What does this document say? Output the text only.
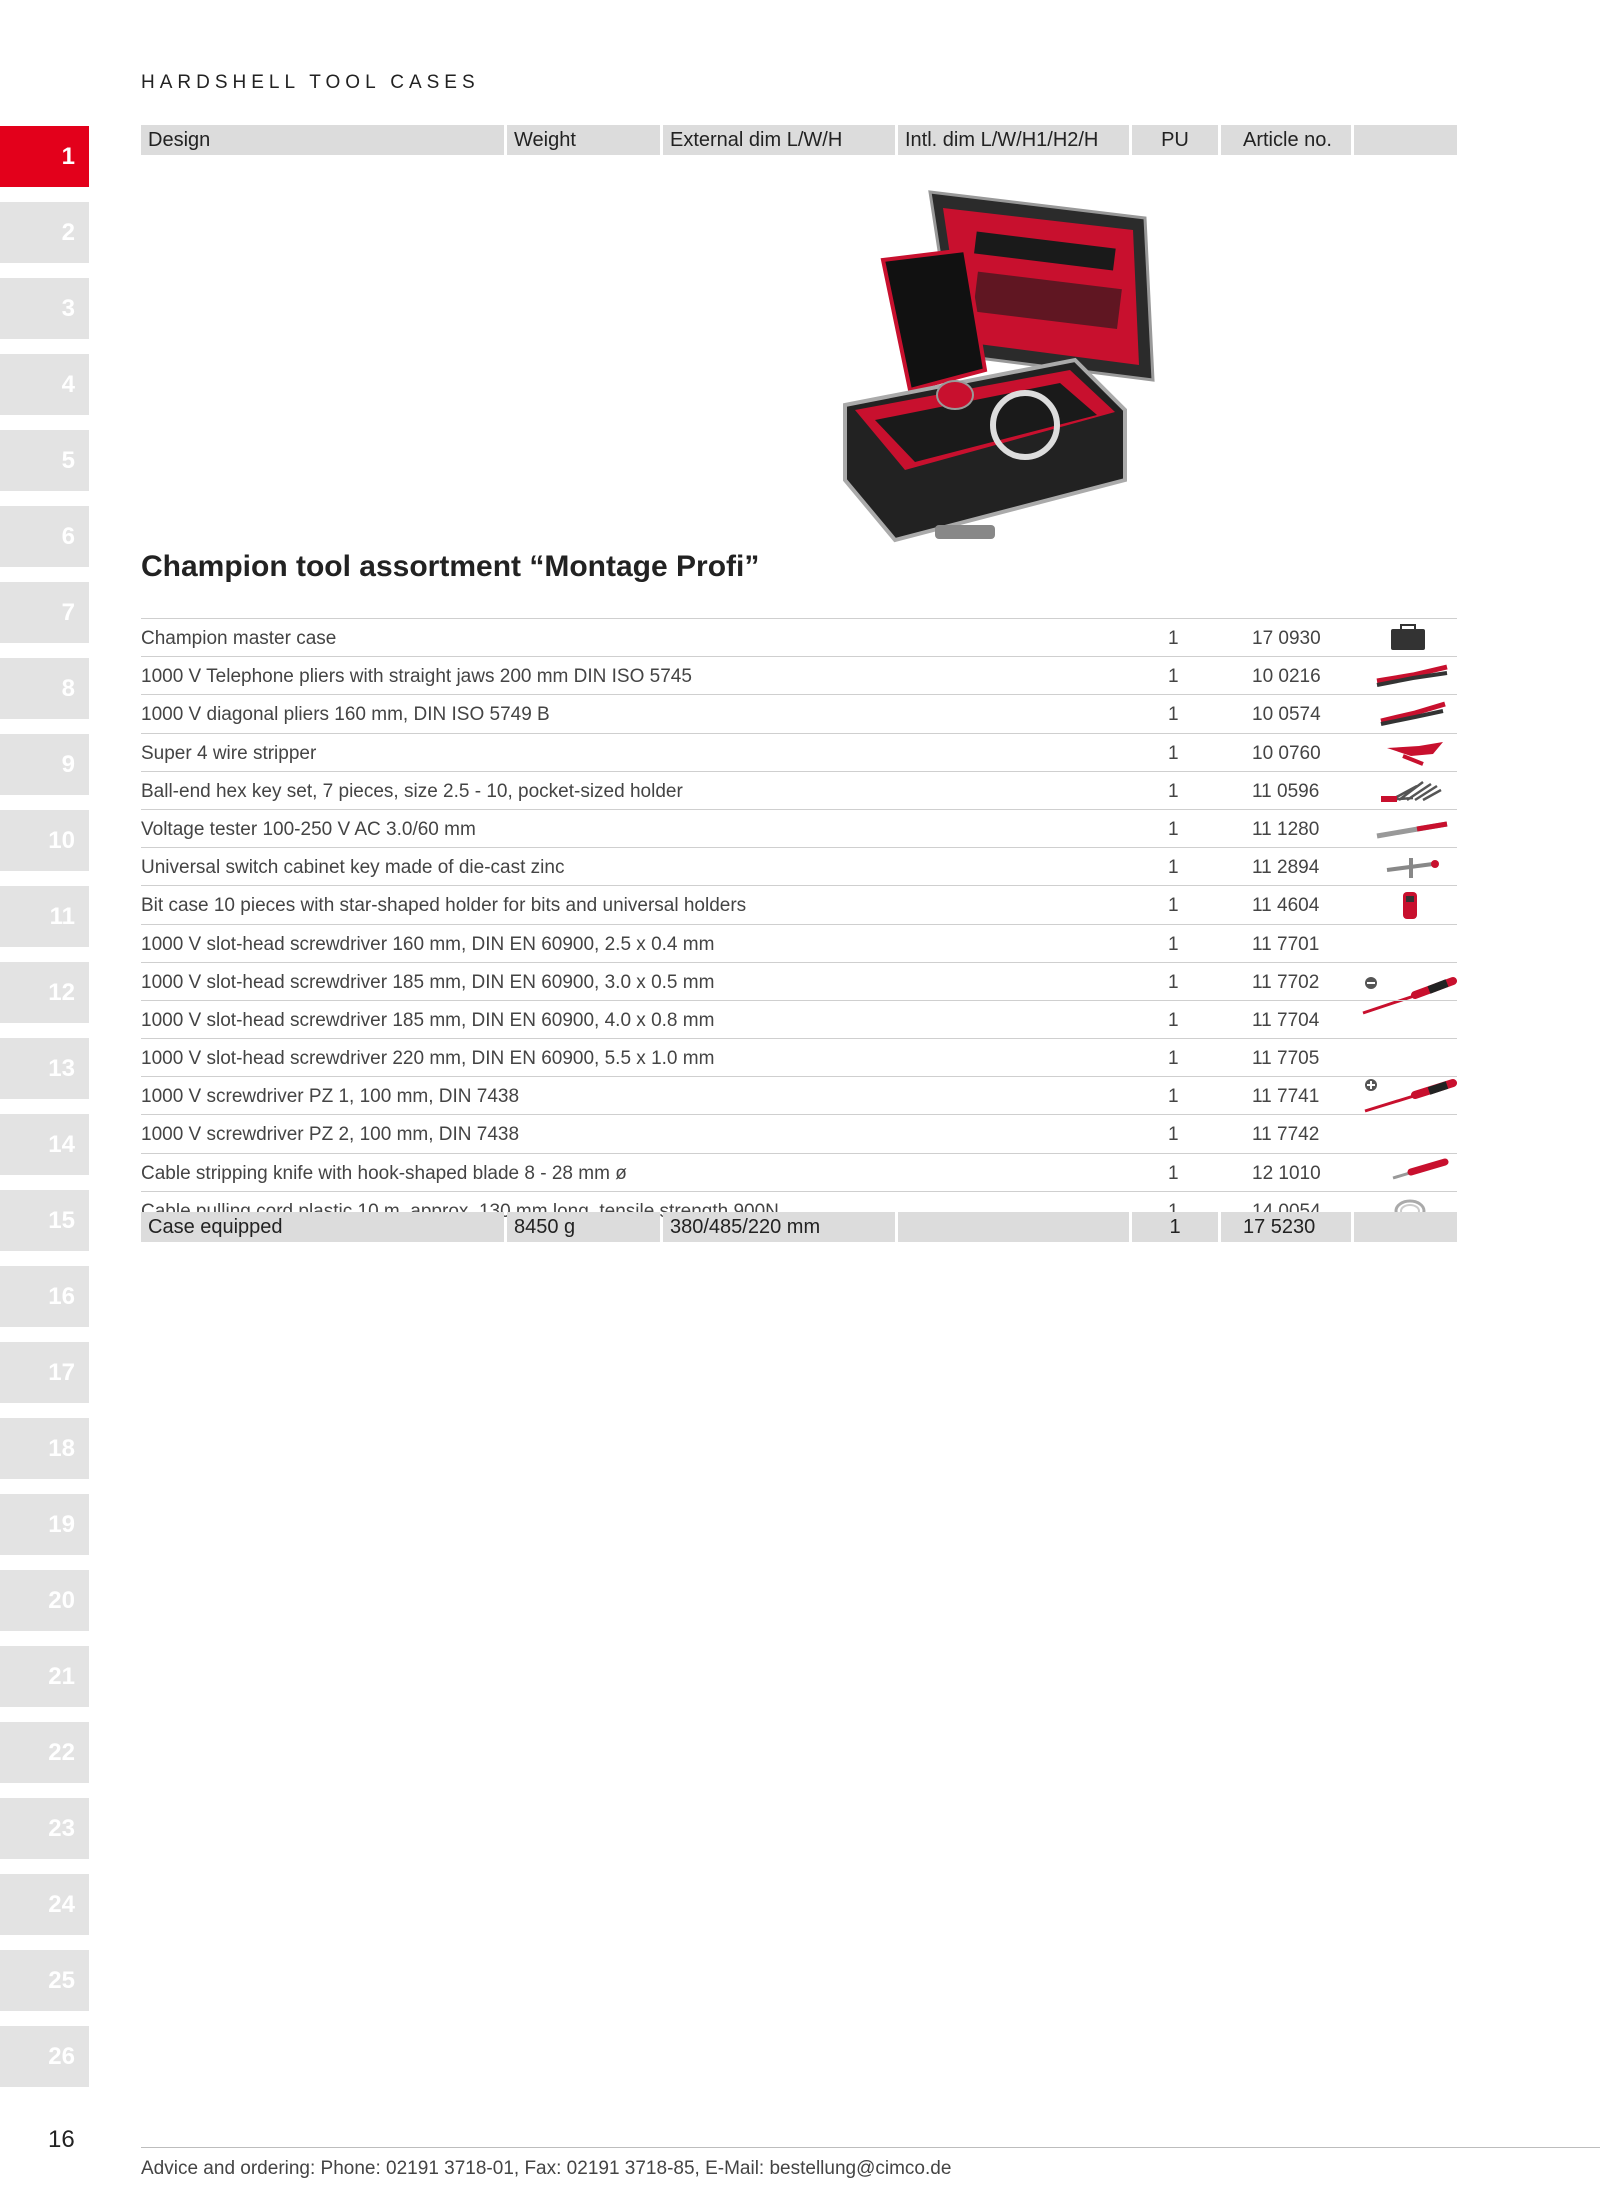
HARDSHELL TOOL CASES
1
2
3
4
5
6
7
8
9
10
11
12
13
14
15
16
17
18
19
20
21
22
23
24
25
26
Design	Weight	External dim L/W/H	Intl. dim L/W/H1/H2/H	PU	Article no.
Champion tool assortment “Montage Profi”
Champion master case	1	17 0930
1000 V Telephone pliers with straight jaws 200 mm DIN ISO 5745	1	10 0216
1000 V diagonal pliers 160 mm, DIN ISO 5749 B	1	10 0574
Super 4 wire stripper	1	10 0760
Ball-end hex key set, 7 pieces, size 2.5 - 10, pocket-sized holder	1	11 0596
Voltage tester 100-250 V AC 3.0/60 mm	1	11 1280
Universal switch cabinet key made of die-cast zinc	1	11 2894
Bit case 10 pieces with star-shaped holder for bits and universal holders	1	11 4604
1000 V slot-head screwdriver 160 mm, DIN EN 60900, 2.5 x 0.4 mm	1	11 7701
1000 V slot-head screwdriver 185 mm, DIN EN 60900, 3.0 x 0.5 mm	1	11 7702
1000 V slot-head screwdriver 185 mm, DIN EN 60900, 4.0 x 0.8 mm	1	11 7704
1000 V slot-head screwdriver 220 mm, DIN EN 60900, 5.5 x 1.0 mm	1	11 7705
1000 V screwdriver PZ 1, 100 mm, DIN 7438	1	11 7741
1000 V screwdriver PZ 2, 100 mm, DIN 7438	1	11 7742
Cable stripping knife with hook-shaped blade 8 - 28 mm ø	1	12 1010
Case equipped	8450 g	380/485/220 mm	1	17 5230
16
Advice and ordering: Phone: 02191 3718-01, Fax: 02191 3718-85, E-Mail: bestellung@cimco.de
